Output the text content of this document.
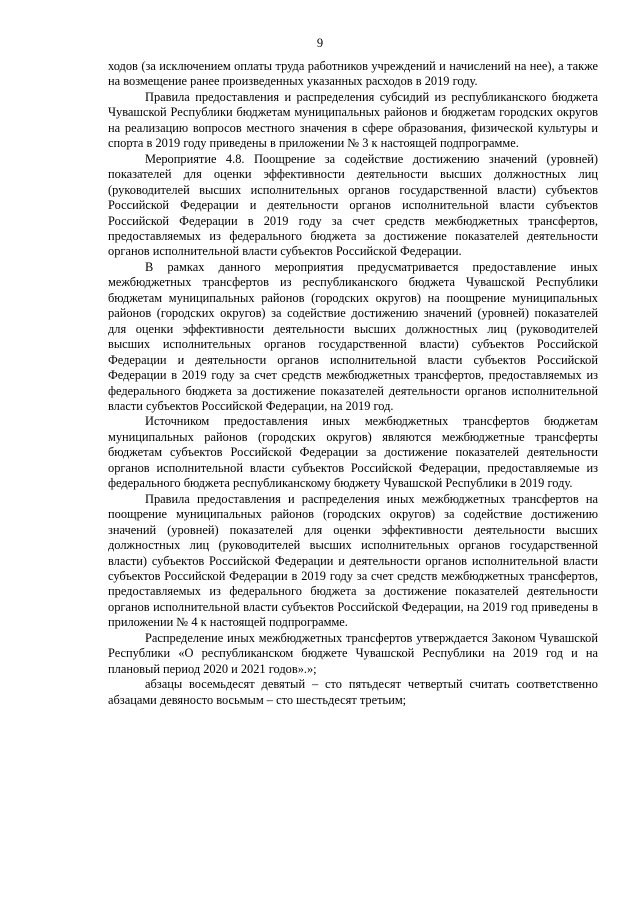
9

ходов (за исключением оплаты труда работников учреждений и начислений на нее), а также на возмещение ранее произведенных указанных расходов в 2019 году.

Правила предоставления и распределения субсидий из республиканского бюджета Чувашской Республики бюджетам муниципальных районов и бюджетам городских округов на реализацию вопросов местного значения в сфере образования, физической культуры и спорта в 2019 году приведены в приложении № 3 к настоящей подпрограмме.

Мероприятие 4.8. Поощрение за содействие достижению значений (уровней) показателей для оценки эффективности деятельности высших должностных лиц (руководителей высших исполнительных органов государственной власти) субъектов Российской Федерации и деятельности органов исполнительной власти субъектов Российской Федерации в 2019 году за счет средств межбюджетных трансфертов, предоставляемых из федерального бюджета за достижение показателей деятельности органов исполнительной власти субъектов Российской Федерации.

В рамках данного мероприятия предусматривается предоставление иных межбюджетных трансфертов из республиканского бюджета Чувашской Республики бюджетам муниципальных районов (городских округов) на поощрение муниципальных районов (городских округов) за содействие достижению значений (уровней) показателей для оценки эффективности деятельности высших должностных лиц (руководителей высших исполнительных органов государственной власти) субъектов Российской Федерации и деятельности органов исполнительной власти субъектов Российской Федерации в 2019 году за счет средств межбюджетных трансфертов, предоставляемых из федерального бюджета за достижение показателей деятельности органов исполнительной власти субъектов Российской Федерации, на 2019 год.

Источником предоставления иных межбюджетных трансфертов бюджетам муниципальных районов (городских округов) являются межбюджетные трансферты бюджетам субъектов Российской Федерации за достижение показателей деятельности органов исполнительной власти субъектов Российской Федерации, предоставляемые из федерального бюджета республиканскому бюджету Чувашской Республики в 2019 году.

Правила предоставления и распределения иных межбюджетных трансфертов на поощрение муниципальных районов (городских округов) за содействие достижению значений (уровней) показателей для оценки эффективности деятельности высших должностных лиц (руководителей высших исполнительных органов государственной власти) субъектов Российской Федерации и деятельности органов исполнительной власти субъектов Российской Федерации в 2019 году за счет средств межбюджетных трансфертов, предоставляемых из федерального бюджета за достижение показателей деятельности органов исполнительной власти субъектов Российской Федерации, на 2019 год приведены в приложении № 4 к настоящей подпрограмме.

Распределение иных межбюджетных трансфертов утверждается Законом Чувашской Республики «О республиканском бюджете Чувашской Республики на 2019 год и на плановый период 2020 и 2021 годов».»;

абзацы восемьдесят девятый – сто пятьдесят четвертый считать соответственно абзацами девяносто восьмым – сто шестьдесят третьим;
